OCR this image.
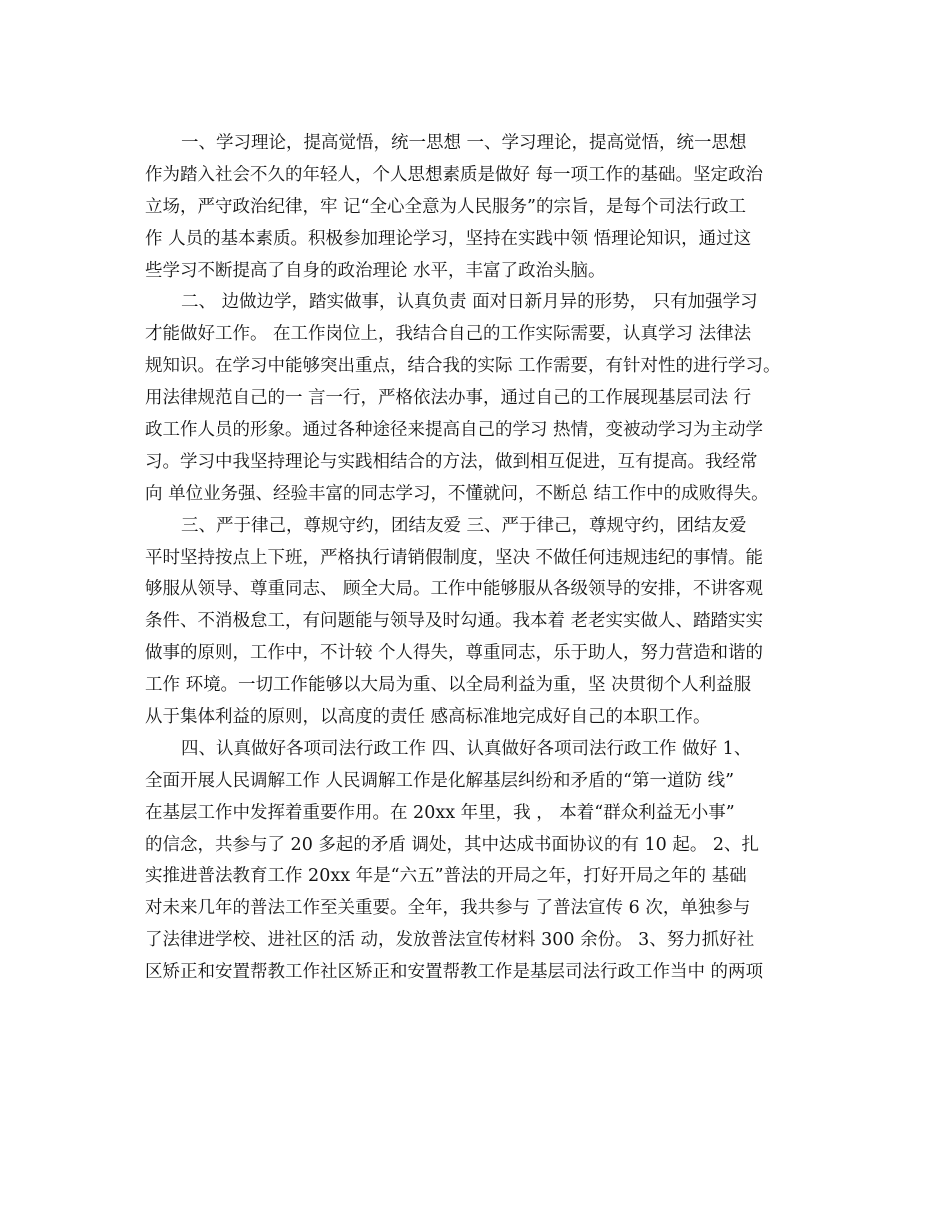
一、学习理论，提高觉悟，统一思想 一、学习理论，提高觉悟，统一思想
作为踏入社会不久的年轻人，个人思想素质是做好 每一项工作的基础。坚定政治
立场，严守政治纪律，牢 记“全心全意为人民服务”的宗旨，是每个司法行政工
作 人员的基本素质。积极参加理论学习，坚持在实践中领 悟理论知识，通过这
些学习不断提高了自身的政治理论 水平，丰富了政治头脑。
二、 边做边学，踏实做事，认真负责 面对日新月异的形势， 只有加强学习
才能做好工作。 在工作岗位上，我结合自己的工作实际需要，认真学习 法律法
规知识。在学习中能够突出重点，结合我的实际 工作需要，有针对性的进行学习。
用法律规范自己的一 言一行，严格依法办事，通过自己的工作展现基层司法 行
政工作人员的形象。通过各种途径来提高自己的学习 热情，变被动学习为主动学
习。学习中我坚持理论与实践相结合的方法，做到相互促进，互有提高。我经常
向 单位业务强、经验丰富的同志学习，不懂就问，不断总 结工作中的成败得失。
三、严于律己，尊规守约，团结友爱 三、严于律己，尊规守约，团结友爱
平时坚持按点上下班，严格执行请销假制度，坚决 不做任何违规违纪的事情。能
够服从领导、尊重同志、 顾全大局。工作中能够服从各级领导的安排，不讲客观
条件、不消极怠工，有问题能与领导及时勾通。我本着 老老实实做人、踏踏实实
做事的原则，工作中，不计较 个人得失，尊重同志，乐于助人，努力营造和谐的
工作 环境。一切工作能够以大局为重、以全局利益为重，坚 决贯彻个人利益服
从于集体利益的原则，以高度的责任 感高标准地完成好自己的本职工作。
四、认真做好各项司法行政工作 四、认真做好各项司法行政工作 做好 1、
全面开展人民调解工作 人民调解工作是化解基层纠纷和矛盾的“第一道防 线”
在基层工作中发挥着重要作用。在 20xx 年里，我 ， 本着“群众利益无小事”
的信念，共参与了 20 多起的矛盾 调处，其中达成书面协议的有 10 起。 2、扎
实推进普法教育工作 20xx 年是“六五”普法的开局之年，打好开局之年的 基础
对未来几年的普法工作至关重要。全年，我共参与 了普法宣传 6 次，单独参与
了法律进学校、进社区的活 动，发放普法宣传材料 300 余份。 3、努力抓好社
区矫正和安置帮教工作社区矫正和安置帮教工作是基层司法行政工作当中 的两项
